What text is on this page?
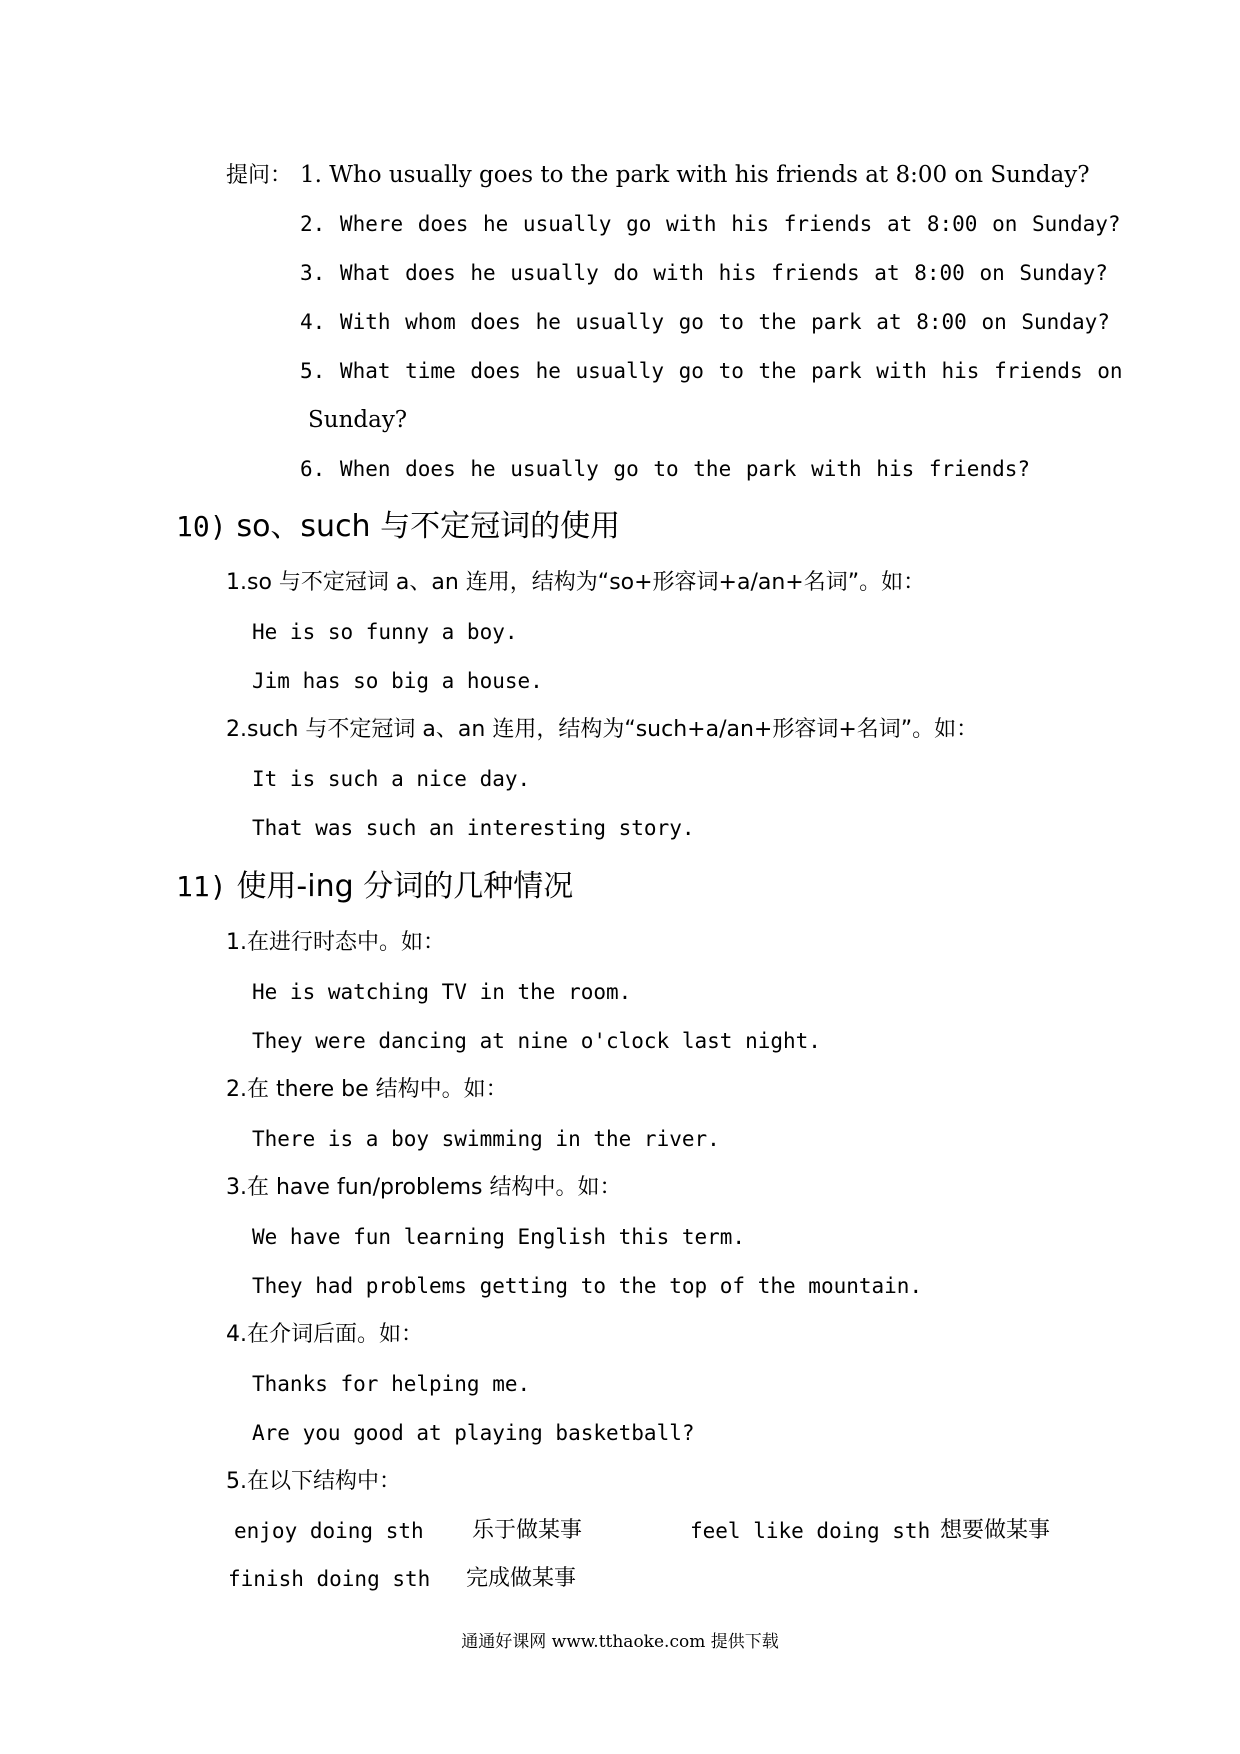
提问： 1. Who usually goes to the park with his friends at 8:00 on Sunday?
2. Where does he usually go with his friends at 8:00 on Sunday?
3. What does he usually do with his friends at 8:00 on Sunday?
4. With whom does he usually go to the park at 8:00 on Sunday?
5. What time does he usually go to the park with his friends on
Sunday?
6. When does he usually go to the park with his friends?
10) so、such 与不定冠词的使用
1.so 与不定冠词 a、an 连用，结构为“so+形容词+a/an+名词”。如：
He is so funny a boy.
Jim has so big a house.
2.such 与不定冠词 a、an 连用，结构为“such+a/an+形容词+名词”。如：
It is such a nice day.
That was such an interesting story.
11) 使用-ing 分词的几种情况
1.在进行时态中。如：
He is watching TV in the room.
They were dancing at nine o'clock last night.
2.在 there be 结构中。如：
There is a boy swimming in the river.
3.在 have fun/problems 结构中。如：
We have fun learning English this term.
They had problems getting to the top of the mountain.
4.在介词后面。如：
Thanks for helping me.
Are you good at playing basketball?
5.在以下结构中：
enjoy doing sth 乐于做某事	feel like doing sth 想要做某事
finish doing sth 完成做某事
通通好课网 www.tthaoke.com 提供下载
